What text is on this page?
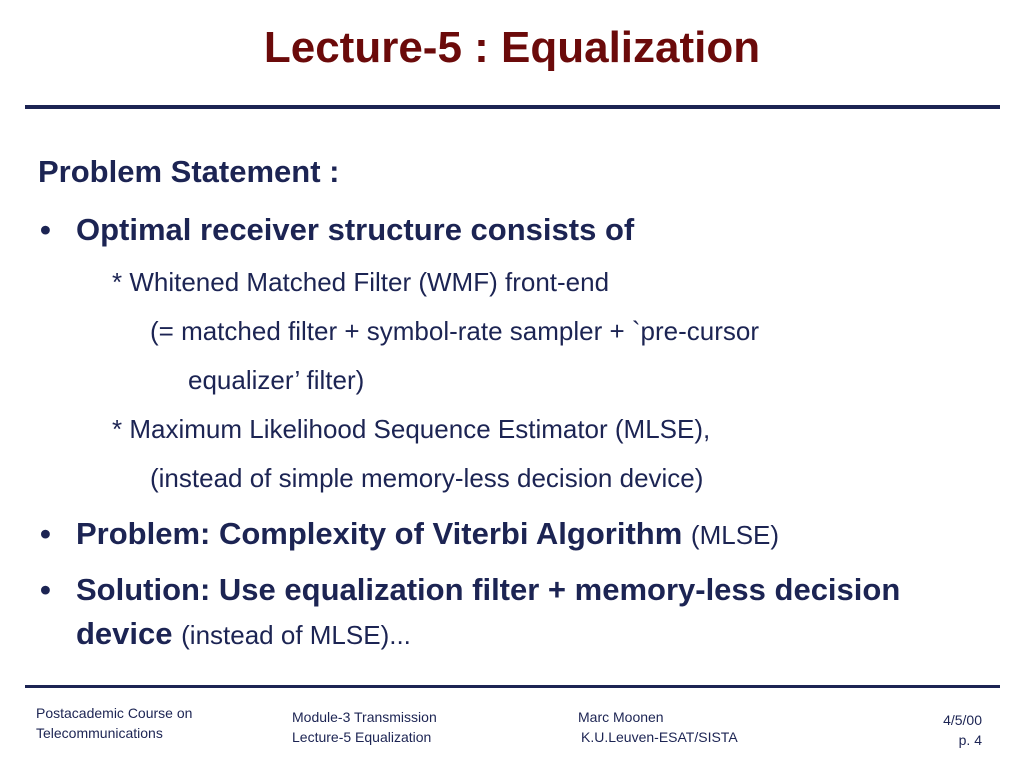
Lecture-5 : Equalization
Problem Statement :
• Optimal receiver structure consists of
* Whitened Matched Filter (WMF) front-end
(= matched filter + symbol-rate sampler + `pre-cursor
equalizer’ filter)
* Maximum Likelihood Sequence Estimator (MLSE),
(instead of simple memory-less decision device)
• Problem: Complexity of Viterbi Algorithm (MLSE)
• Solution: Use equalization filter + memory-less decision device (instead of MLSE)...
Postacademic Course on
Telecommunications
Module-3 Transmission
Lecture-5 Equalization
Marc Moonen
K.U.Leuven-ESAT/SISTA
4/5/00
p. 4
